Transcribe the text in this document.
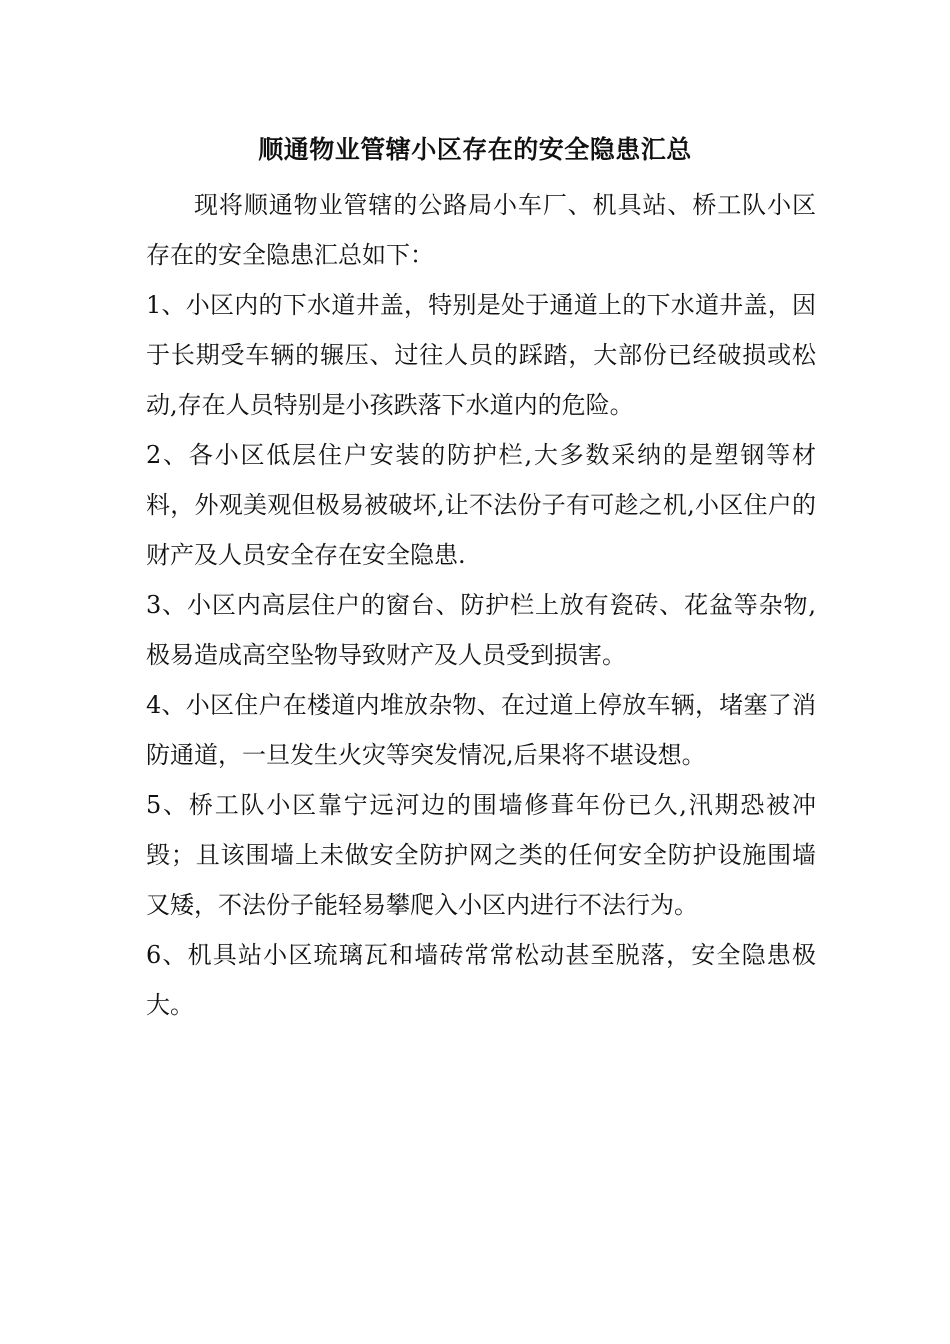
顺通物业管辖小区存在的安全隐患汇总

现将顺通物业管辖的公路局小车厂、机具站、桥工队小区存在的安全隐患汇总如下：

1、小区内的下水道井盖，特别是处于通道上的下水道井盖，因于长期受车辆的辗压、过往人员的踩踏，大部份已经破损或松动,存在人员特别是小孩跌落下水道内的危险。

2、各小区低层住户安装的防护栏,大多数采纳的是塑钢等材料，外观美观但极易被破坏,让不法份子有可趁之机,小区住户的财产及人员安全存在安全隐患.

3、小区内高层住户的窗台、防护栏上放有瓷砖、花盆等杂物,极易造成高空坠物导致财产及人员受到损害。

4、小区住户在楼道内堆放杂物、在过道上停放车辆，堵塞了消防通道，一旦发生火灾等突发情况,后果将不堪设想。

5、桥工队小区靠宁远河边的围墙修葺年份已久,汛期恐被冲毁；且该围墙上未做安全防护网之类的任何安全防护设施围墙又矮，不法份子能轻易攀爬入小区内进行不法行为。

6、机具站小区琉璃瓦和墙砖常常松动甚至脱落，安全隐患极大。
